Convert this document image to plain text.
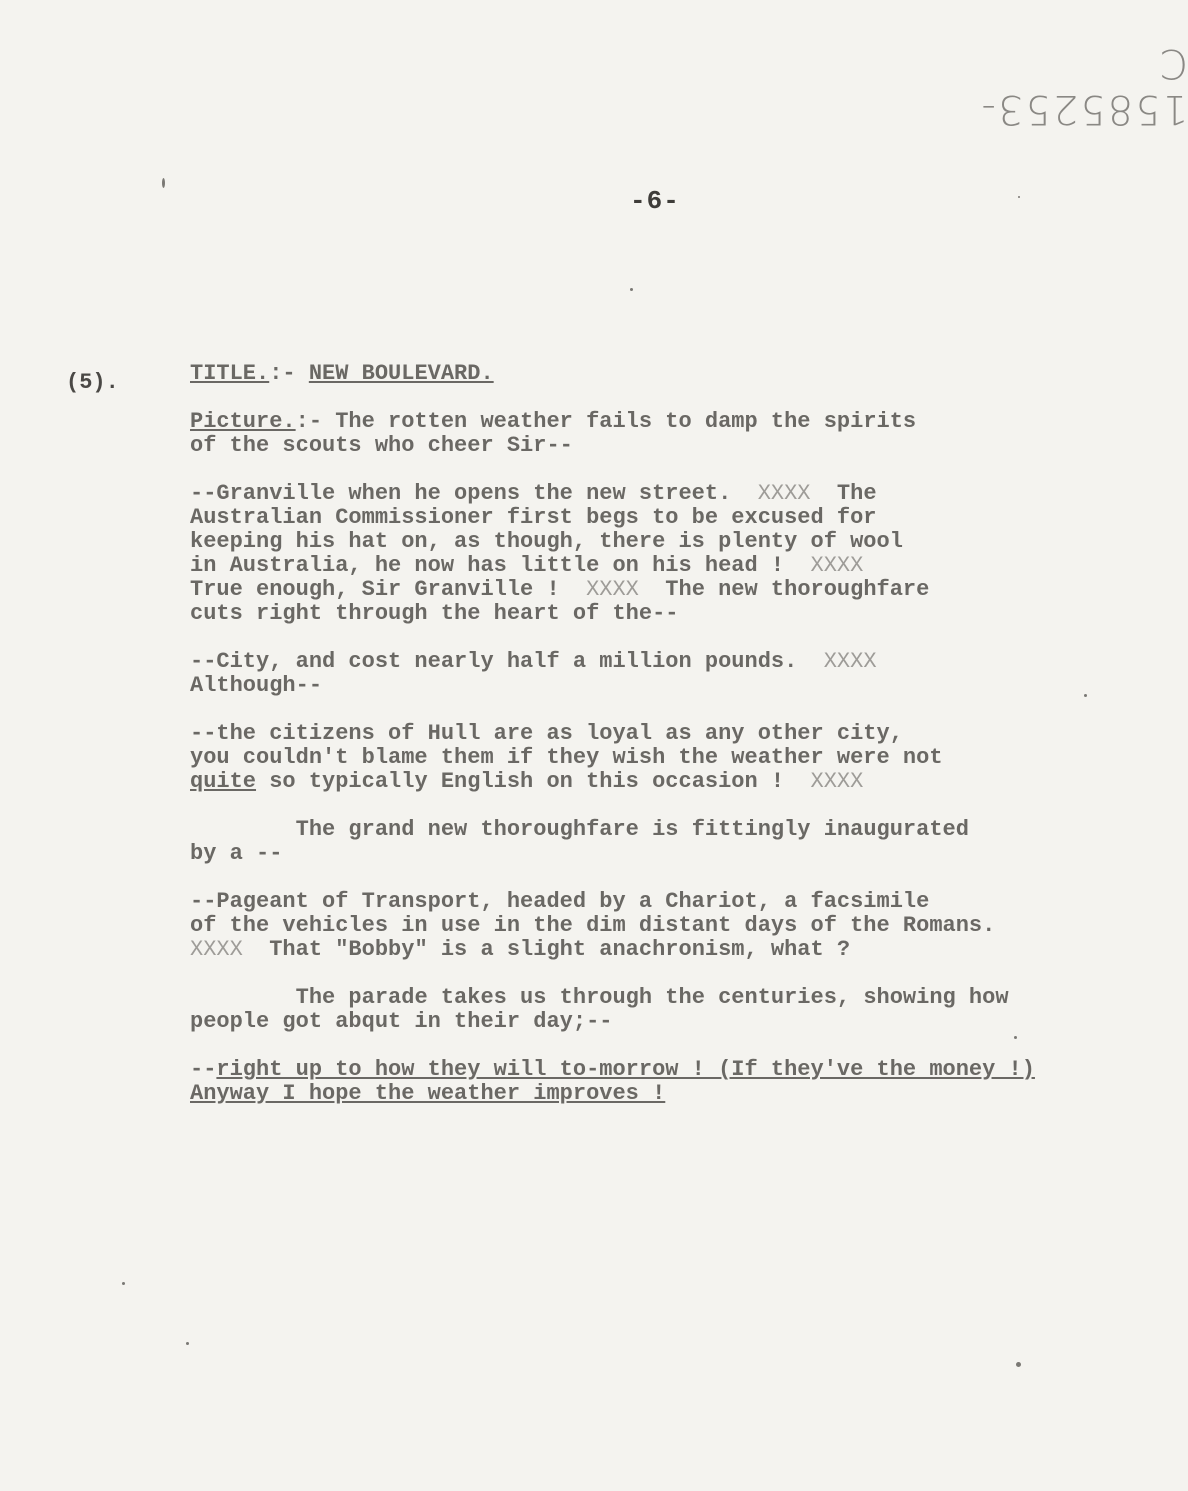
1585253-C
-6-
(5).	TITLE.:- NEW BOULEVARD.
Picture.:- The rotten weather fails to damp the spirits
of the scouts who cheer Sir--
--Granville when he opens the new street. XXXX The
Australian Commissioner first begs to be excused for
keeping his hat on, as though, there is plenty of wool
in Australia, he now has little on his head ! XXXX
True enough, Sir Granville ! XXXX The new thoroughfare
cuts right through the heart of the--
--City, and cost nearly half a million pounds. XXXX
Although--
--the citizens of Hull are as loyal as any other city,
you couldn't blame them if they wish the weather were not
quite so typically English on this occasion ! XXXX
The grand new thoroughfare is fittingly inaugurated
by a --
--Pageant of Transport, headed by a Chariot, a facsimile
of the vehicles in use in the dim distant days of the Romans.
XXXX That "Bobby" is a slight anachronism, what ?
The parade takes us through the centuries, showing how
people got abqut in their day;--
--right up to how they will to-morrow ! (If they've the money !)
Anyway I hope the weather improves !
